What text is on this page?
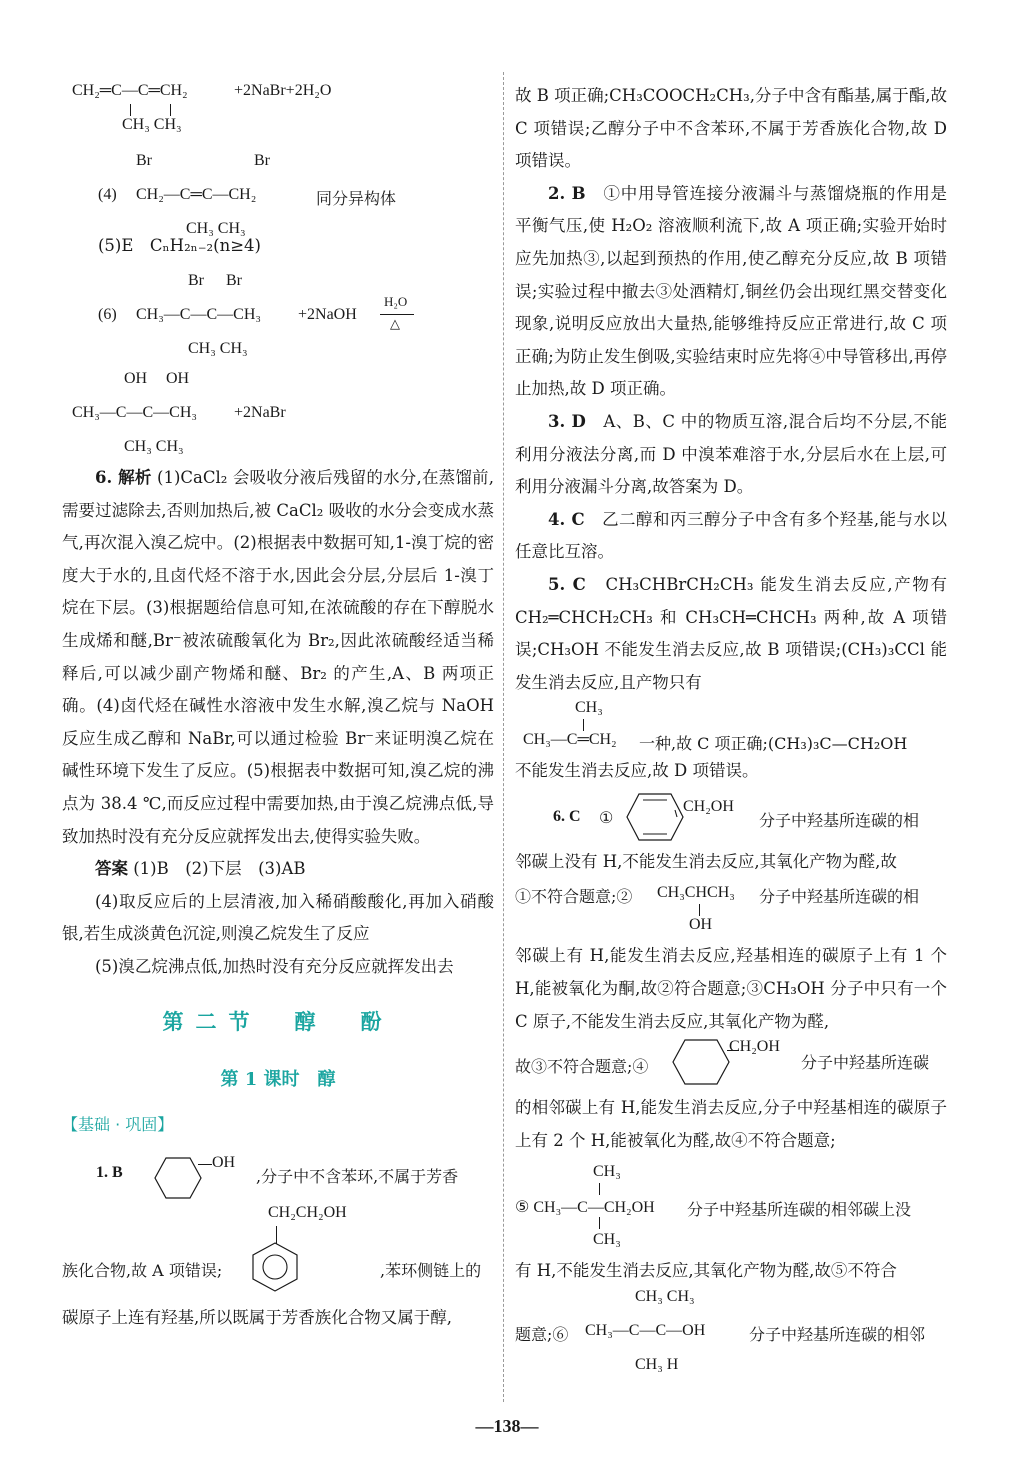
CH₂═C—C═CH₂	+2NaBr+2H₂O
CH₃ CH₃
Br	Br
(4) CH₂—C═C—CH₂	同分异构体
CH₃ CH₃

(5)E　CₙH₂ₙ₋₂(n≥4)

Br Br
(6) CH₃—C—C—CH₃ +2NaOH
H₂O
△
CH₃ CH₃
OH OH
CH₃—C—C—CH₃ +2NaBr
CH₃ CH₃

6. 解析 (1)CaCl₂ 会吸收分液后残留的水分,在蒸馏前,需要过滤除去,否则加热后,被 CaCl₂ 吸收的水分会变成水蒸气,再次混入溴乙烷中。(2)根据表中数据可知,1-溴丁烷的密度大于水的,且卤代烃不溶于水,因此会分层,分层后 1-溴丁烷在下层。(3)根据题给信息可知,在浓硫酸的存在下醇脱水生成烯和醚,Br⁻被浓硫酸氧化为 Br₂,因此浓硫酸经适当稀释后,可以减少副产物烯和醚、Br₂ 的产生,A、B 两项正确。(4)卤代烃在碱性水溶液中发生水解,溴乙烷与 NaOH 反应生成乙醇和 NaBr,可以通过检验 Br⁻来证明溴乙烷在碱性环境下发生了反应。(5)根据表中数据可知,溴乙烷的沸点为 38.4 ℃,而反应过程中需要加热,由于溴乙烷沸点低,导致加热时没有充分反应就挥发出去,使得实验失败。

答案 (1)B　(2)下层　(3)AB

(4)取反应后的上层清液,加入稀硝酸酸化,再加入硝酸银,若生成淡黄色沉淀,则溴乙烷发生了反应

(5)溴乙烷沸点低,加热时没有充分反应就挥发出去

第二节　醇　酚

第 1 课时　醇

【基础 · 巩固】
1. B
OH
,分子中不含苯环,不属于芳香
CH₂CH₂OH
族化合物,故 A 项错误;	,苯环侧链上的

碳原子上连有羟基,所以既属于芳香族化合物又属于醇,

故 B 项正确;CH₃COOCH₂CH₃,分子中含有酯基,属于酯,故 C 项错误;乙醇分子中不含苯环,不属于芳香族化合物,故 D 项错误。

2. B　 ①中用导管连接分液漏斗与蒸馏烧瓶的作用是平衡气压,使 H₂O₂ 溶液顺利流下,故 A 项正确;实验开始时应先加热③,以起到预热的作用,使乙醇充分反应,故 B 项错误;实验过程中撤去③处酒精灯,铜丝仍会出现红黑交替变化现象,说明反应放出大量热,能够维持反应正常进行,故 C 项正确;为防止发生倒吸,实验结束时应先将④中导管移出,再停止加热,故 D 项正确。

3. D　 A、B、C 中的物质互溶,混合后均不分层,不能利用分液法分离,而 D 中溴苯难溶于水,分层后水在上层,可利用分液漏斗分离,故答案为 D。

4. C　 乙二醇和丙三醇分子中含有多个羟基,能与水以任意比互溶。

5. C　 CH₃CHBrCH₂CH₃ 能发生消去反应,产物有 CH₂═CHCH₂CH₃ 和 CH₃CH═CHCH₃ 两种,故 A 项错误;CH₃OH 不能发生消去反应,故 B 项错误;(CH₃)₃CCl 能发生消去反应,且产物只有

CH₃
CH₃—C═CH₂ 一种,故 C 项正确;(CH₃)₃C—CH₂OH

不能发生消去反应,故 D 项错误。

6. C ①
CH₂OH
分子中羟基所连碳的相

邻碳上没有 H,不能发生消去反应,其氧化产物为醛,故

①不符合题意;② CH₃CHCH₃
OH
分子中羟基所连碳的相

邻碳上有 H,能发生消去反应,羟基相连的碳原子上有 1 个 H,能被氧化为酮,故②符合题意;③CH₃OH 分子中只有一个 C 原子,不能发生消去反应,其氧化产物为醛,

故③不符合题意;④
CH₂OH
分子中羟基所连碳

的相邻碳上有 H,能发生消去反应,分子中羟基相连的碳原子上有 2 个 H,能被氧化为醛,故④不符合题意;

CH₃
⑤ CH₃—C—CH₂OH
CH₃
分子中羟基所连碳的相邻碳上没

有 H,不能发生消去反应,其氧化产物为醛,故⑤不符合

CH₃ CH₃
题意;⑥ CH₃—C—C—OH
CH₃ H
分子中羟基所连碳的相邻
—138—
